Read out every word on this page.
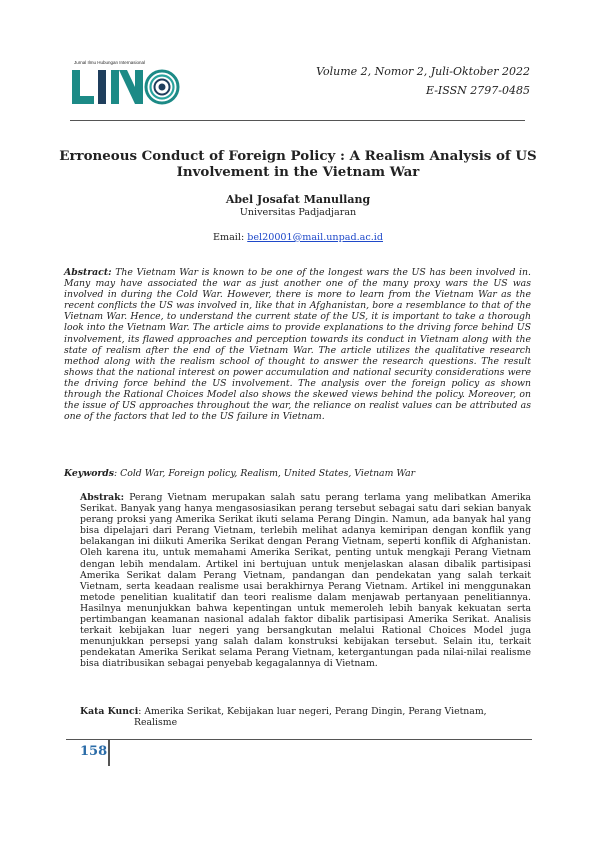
Jurnal Ilmu Hubungan Internasional
Volume 2, Nomor 2, Juli-Oktober 2022
E-ISSN 2797-0485
Erroneous Conduct of Foreign Policy : A Realism Analysis of US Involvement in the Vietnam War
Abel Josafat Manullang
Universitas Padjadjaran
Email: bel20001@mail.unpad.ac.id
Abstract: The Vietnam War is known to be one of the longest wars the US has been involved in. Many may have associated the war as just another one of the many proxy wars the US was involved in during the Cold War. However, there is more to learn from the Vietnam War as the recent conflicts the US was involved in, like that in Afghanistan, bore a resemblance to that of the Vietnam War. Hence, to understand the current state of the US, it is important to take a thorough look into the Vietnam War. The article aims to provide explanations to the driving force behind US involvement, its flawed approaches and perception towards its conduct in Vietnam along with the state of realism after the end of the Vietnam War. The article utilizes the qualitative research method along with the realism school of thought to answer the research questions. The result shows that the national interest on power accumulation and national security considerations were the driving force behind the US involvement. The analysis over the foreign policy as shown through the Rational Choices Model also shows the skewed views behind the policy. Moreover, on the issue of US approaches throughout the war, the reliance on realist values can be attributed as one of the factors that led to the US failure in Vietnam.
Keywords: Cold War, Foreign policy, Realism, United States, Vietnam War
Abstrak: Perang Vietnam merupakan salah satu perang terlama yang melibatkan Amerika Serikat. Banyak yang hanya mengasosiasikan perang tersebut sebagai satu dari sekian banyak perang proksi yang Amerika Serikat ikuti selama Perang Dingin. Namun, ada banyak hal yang bisa dipelajari dari Perang Vietnam, terlebih melihat adanya kemiripan dengan konflik yang belakangan ini diikuti Amerika Serikat dengan Perang Vietnam, seperti konflik di Afghanistan. Oleh karena itu, untuk memahami Amerika Serikat, penting untuk mengkaji Perang Vietnam dengan lebih mendalam. Artikel ini bertujuan untuk menjelaskan alasan dibalik partisipasi Amerika Serikat dalam Perang Vietnam, pandangan dan pendekatan yang salah terkait Vietnam, serta keadaan realisme usai berakhirnya Perang Vietnam. Artikel ini menggunakan metode penelitian kualitatif dan teori realisme dalam menjawab pertanyaan penelitiannya. Hasilnya menunjukkan bahwa kepentingan untuk memeroleh lebih banyak kekuatan serta pertimbangan keamanan nasional adalah faktor dibalik partisipasi Amerika Serikat. Analisis terkait kebijakan luar negeri yang bersangkutan melalui Rational Choices Model juga menunjukkan persepsi yang salah dalam konstruksi kebijakan tersebut. Selain itu, terkait pendekatan Amerika Serikat selama Perang Vietnam, ketergantungan pada nilai-nilai realisme bisa diatribusikan sebagai penyebab kegagalannya di Vietnam.
Kata Kunci: Amerika Serikat, Kebijakan luar negeri, Perang Dingin, Perang Vietnam,
Realisme
158
